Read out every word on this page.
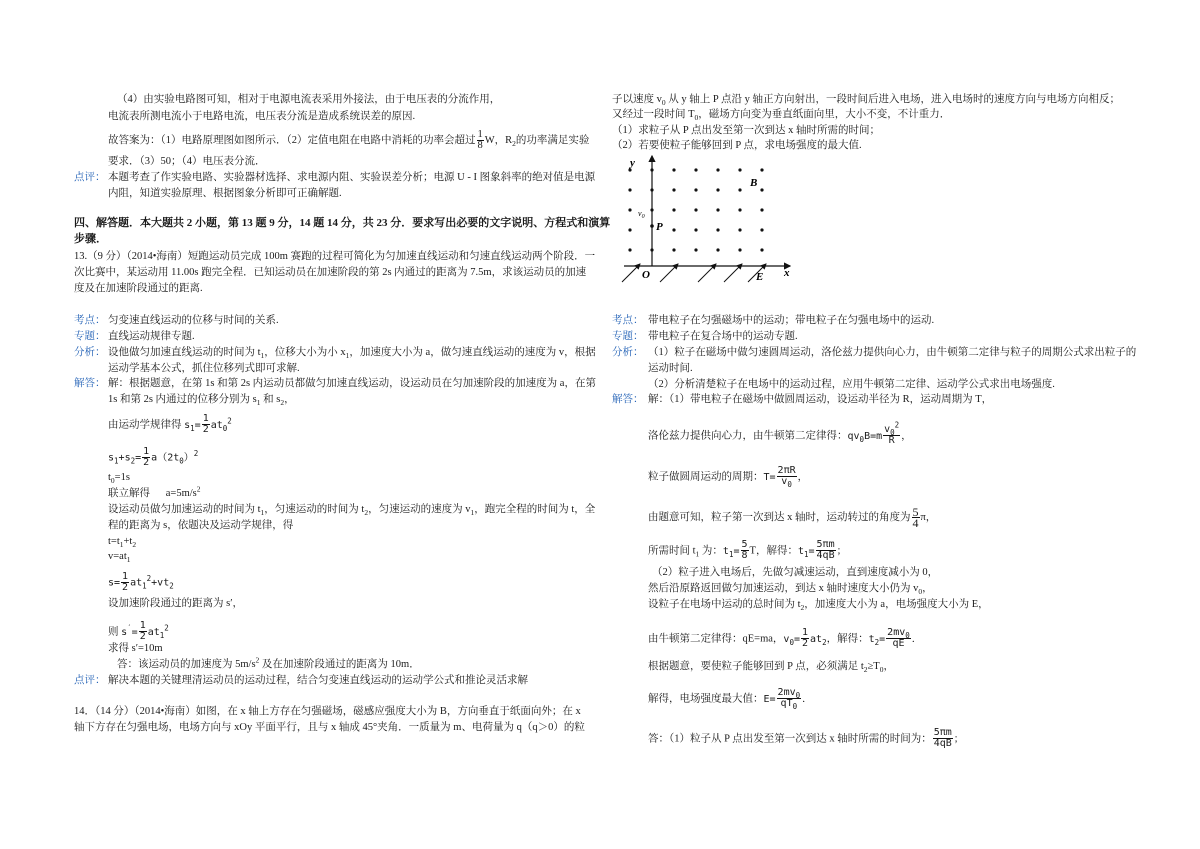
（4）由实验电路图可知，相对于电源电流表采用外接法，由于电压表的分流作用，
电流表所测电流小于电路电流，电压表分流是造成系统误差的原因.
故答案为：（1）电路原理图如图所示．（2）定值电阻在电路中消耗的功率会超过 $\frac{1}{8}$ W，$R_2$的功率满足实验
要求．（3）50；（4）电压表分流．
点评： 本题考查了作实验电路、实验器材选择、求电源内阻、实验误差分析；电源 U - I 图象斜率的绝对值是电源
内阻，知道实验原理、根据图象分析即可正确解题.
四、解答题．本大题共 2 小题，第 13 题 9 分，14 题 14 分，共 23 分．要求写出必要的文字说明、方程式和演算
步骤．
13.（9 分）（2014•海南）短跑运动员完成 100m 赛跑的过程可简化为匀加速直线运动和匀速直线运动两个阶段．一
次比赛中，某运动用 11.00s 跑完全程．已知运动员在加速阶段的第 2s 内通过的距离为 7.5m，求该运动员的加速
度及在加速阶段通过的距离.
考点： 匀变速直线运动的位移与时间的关系.
专题： 直线运动规律专题.
分析： 设他做匀加速直线运动的时间为 $t_1$，位移大小为小 $x_1$，加速度大小为 a，做匀速直线运动的速度为 v，根据
运动学基本公式，抓住位移列式即可求解.
解答： 解：根据题意，在第 1s 和第 2s 内运动员都做匀加速直线运动，设运动员在匀加速阶段的加速度为 a，在第
1s 和第 2s 内通过的位移分别为 $s_1$ 和 $s_2$，
由运动学规律得 $s_1= \frac{1}{2} at_0^2$
$s_1+s_2= \frac{1}{2} a(2t_0)^2$
$t_0=1s$
联立解得 $a=5m/s^2$
设运动员做匀加速运动的时间为 $t_1$，匀速运动的时间为 $t_2$，匀速运动的速度为 $v_1$，跑完全程的时间为 t，全
程的距离为 s，依题决及运动学规律，得
$t=t_1+t_2$
$v=at_1$
$s= \frac{1}{2} at_1^2+vt_2$
设加速阶段通过的距离为 s′，
则 $s'= \frac{1}{2} at_1^2$
求得 s′=10m
答：该运动员的加速度为 $5m/s^2$ 及在加速阶段通过的距离为 10m．
点评： 解决本题的关键理清运动员的运动过程，结合匀变速直线运动的运动学公式和推论灵活求解
14．（14 分）（2014•海南）如图，在 x 轴上方存在匀强磁场，磁感应强度大小为 B，方向垂直于纸面向外；在 x
轴下方存在匀强电场，电场方向与 xOy 平面平行，且与 x 轴成 45°夹角．一质量为 m、电荷量为 q（q＞0）的粒
子以速度 $v_0$ 从 y 轴上 P 点沿 y 轴正方向射出，一段时间后进入电场，进入电场时的速度方向与电场方向相反；
又经过一段时间 $T_0$，磁场方向变为垂直纸面向里，大小不变，不计重力．
（1）求粒子从 P 点出发至第一次到达 x 轴时所需的时间；
（2）若要使粒子能够回到 P 点，求电场强度的最大值.
y
x
B
$v_0$
P
O	E
考点： 带电粒子在匀强磁场中的运动；带电粒子在匀强电场中的运动.
专题： 带电粒子在复合场中的运动专题.
分析： （1）粒子在磁场中做匀速圆周运动，洛伦兹力提供向心力，由牛顿第二定律与粒子的周期公式求出粒子的
运动时间.
（2）分析清楚粒子在电场中的运动过程，应用牛顿第二定律、运动学公式求出电场强度.
解答： 解：（1）带电粒子在磁场中做圆周运动，设运动半径为 R，运动周期为 T，
洛伦兹力提供向心力，由牛顿第二定律得：$qv_0B=m \frac{v_0^2}{R}$ ，
粒子做圆周运动的周期：$T= \frac{2\pi R}{v_0}$ ，
由题意可知，粒子第一次到达 x 轴时，运动转过的角度为 $\frac{5}{4}$ π，
所需时间 $t_1$ 为：$t_1= \frac{5}{8}$ T，解得：$t_1= \frac{5\pi m}{4qB}$ ；
（2）粒子进入电场后，先做匀减速运动，直到速度减小为 0，
然后沿原路返回做匀加速运动，到达 x 轴时速度大小仍为 $v_0$，
设粒子在电场中运动的总时间为 $t_2$，加速度大小为 a，电场强度大小为 E，
由牛顿第二定律得：qE=ma，$v_0= \frac{1}{2} at_2$，解得：$t_2= \frac{2mv_0}{qE}$ ．
根据题意，要使粒子能够回到 P 点，必须满足 $t_2\ge T_0$，
解得，电场强度最大值：$E= \frac{2mv_0}{qT_0}$ ．
答：（1）粒子从 P 点出发至第一次到达 x 轴时所需的时间为： $\frac{5\pi m}{4qB}$ ；
